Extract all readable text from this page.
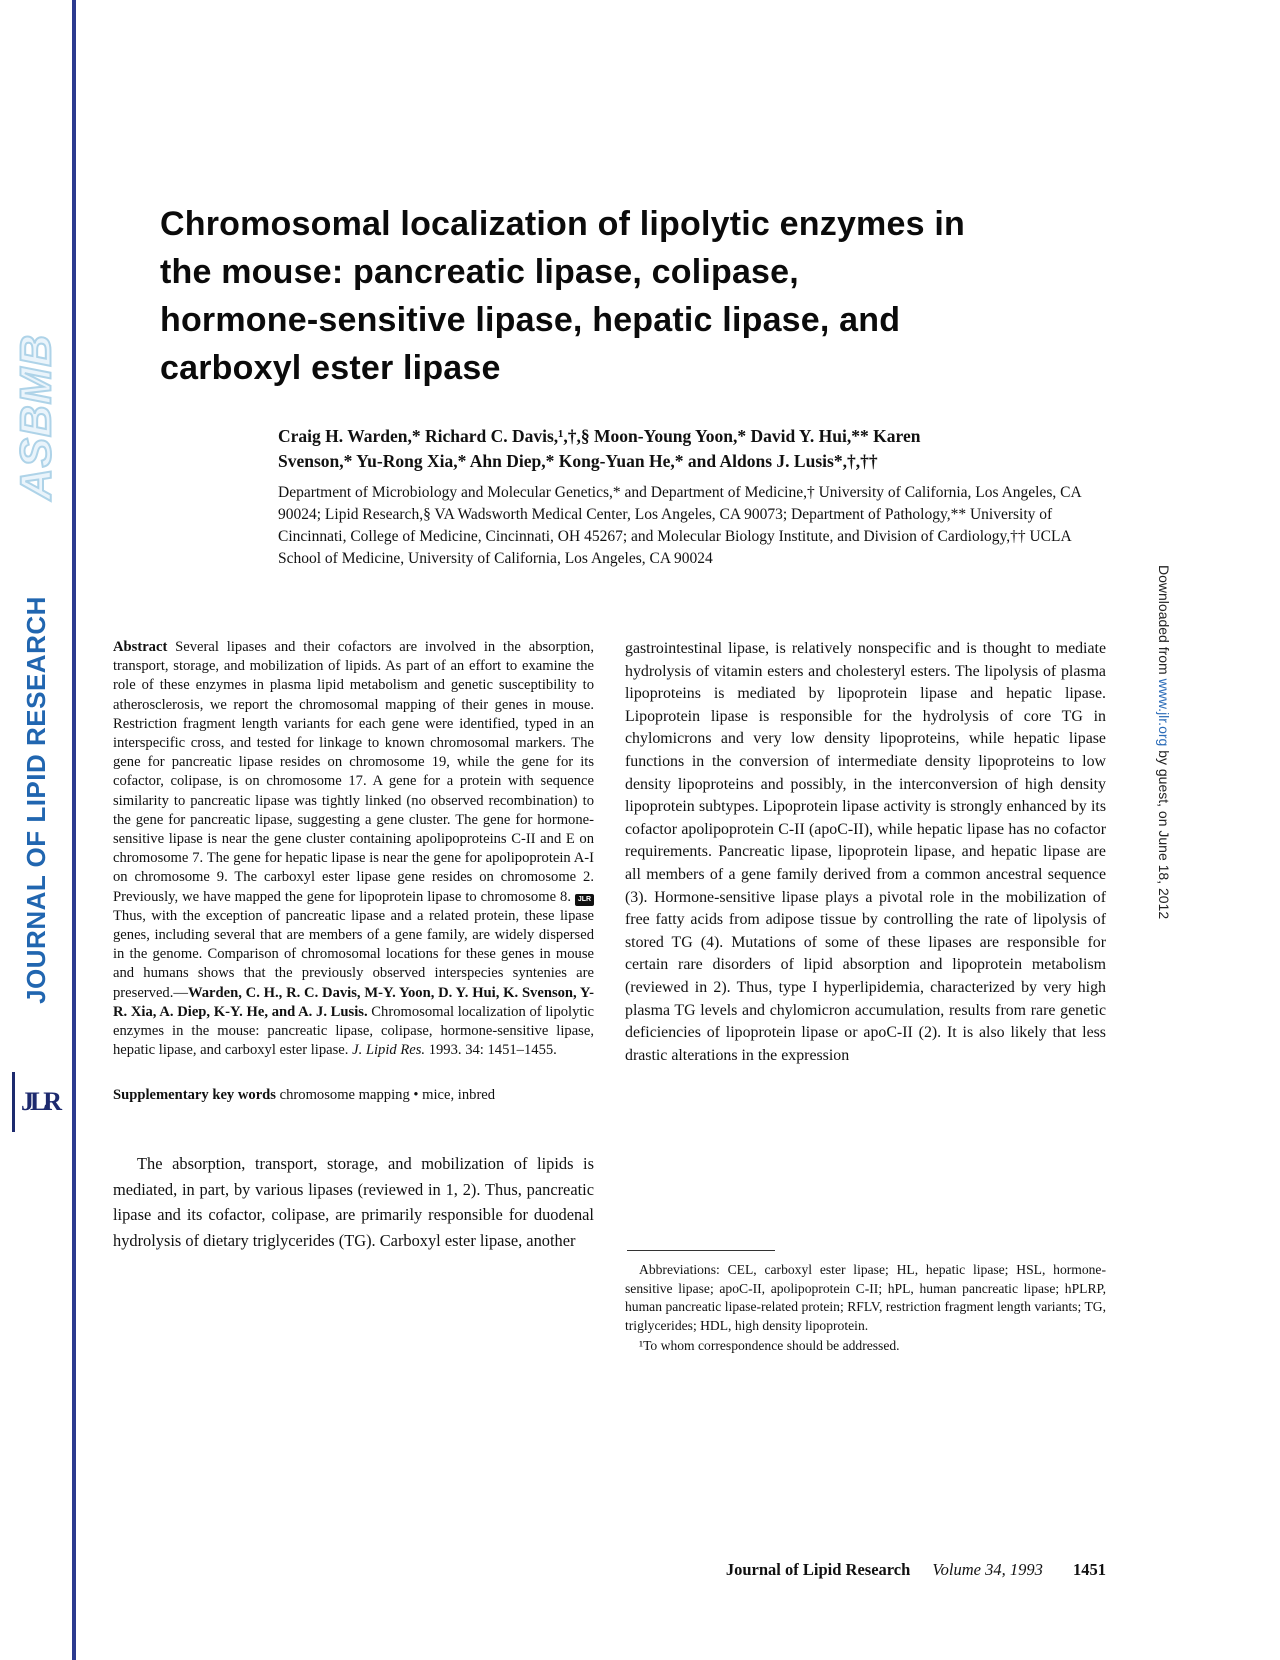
ASBMB
JOURNAL OF LIPID RESEARCH
JLR
Downloaded from www.jlr.org by guest, on June 18, 2012
Chromosomal localization of lipolytic enzymes in
the mouse: pancreatic lipase, colipase,
hormone-sensitive lipase, hepatic lipase, and
carboxyl ester lipase
Craig H. Warden,* Richard C. Davis,¹,†,§ Moon-Young Yoon,* David Y. Hui,** Karen
Svenson,* Yu-Rong Xia,* Ahn Diep,* Kong-Yuan He,* and Aldons J. Lusis*,†,††
Department of Microbiology and Molecular Genetics,* and Department of Medicine,† University of California, Los Angeles, CA 90024; Lipid Research,§ VA Wadsworth Medical Center, Los Angeles, CA 90073; Department of Pathology,** University of Cincinnati, College of Medicine, Cincinnati, OH 45267; and Molecular Biology Institute, and Division of Cardiology,†† UCLA School of Medicine, University of California, Los Angeles, CA 90024

Abstract Several lipases and their cofactors are involved in the absorption, transport, storage, and mobilization of lipids. As part of an effort to examine the role of these enzymes in plasma lipid metabolism and genetic susceptibility to atherosclerosis, we report the chromosomal mapping of their genes in mouse. Restriction fragment length variants for each gene were identified, typed in an interspecific cross, and tested for linkage to known chromosomal markers. The gene for pancreatic lipase resides on chromosome 19, while the gene for its cofactor, colipase, is on chromosome 17. A gene for a protein with sequence similarity to pancreatic lipase was tightly linked (no observed recombination) to the gene for pancreatic lipase, suggesting a gene cluster. The gene for hormone-sensitive lipase is near the gene cluster containing apolipoproteins C-II and E on chromosome 7. The gene for hepatic lipase is near the gene for apolipoprotein A-I on chromosome 9. The carboxyl ester lipase gene resides on chromosome 2. Previously, we have mapped the gene for lipoprotein lipase to chromosome 8. JLR Thus, with the exception of pancreatic lipase and a related protein, these lipase genes, including several that are members of a gene family, are widely dispersed in the genome. Comparison of chromosomal locations for these genes in mouse and humans shows that the previously observed interspecies syntenies are preserved.—Warden, C. H., R. C. Davis, M-Y. Yoon, D. Y. Hui, K. Svenson, Y-R. Xia, A. Diep, K-Y. He, and A. J. Lusis. Chromosomal localization of lipolytic enzymes in the mouse: pancreatic lipase, colipase, hormone-sensitive lipase, hepatic lipase, and carboxyl ester lipase. J. Lipid Res. 1993. 34: 1451–1455.

Supplementary key words chromosome mapping • mice, inbred

The absorption, transport, storage, and mobilization of lipids is mediated, in part, by various lipases (reviewed in 1, 2). Thus, pancreatic lipase and its cofactor, colipase, are primarily responsible for duodenal hydrolysis of dietary triglycerides (TG). Carboxyl ester lipase, another

gastrointestinal lipase, is relatively nonspecific and is thought to mediate hydrolysis of vitamin esters and cholesteryl esters. The lipolysis of plasma lipoproteins is mediated by lipoprotein lipase and hepatic lipase. Lipoprotein lipase is responsible for the hydrolysis of core TG in chylomicrons and very low density lipoproteins, while hepatic lipase functions in the conversion of intermediate density lipoproteins to low density lipoproteins and possibly, in the interconversion of high density lipoprotein subtypes. Lipoprotein lipase activity is strongly enhanced by its cofactor apolipoprotein C-II (apoC-II), while hepatic lipase has no cofactor requirements. Pancreatic lipase, lipoprotein lipase, and hepatic lipase are all members of a gene family derived from a common ancestral sequence (3). Hormone-sensitive lipase plays a pivotal role in the mobilization of free fatty acids from adipose tissue by controlling the rate of lipolysis of stored TG (4). Mutations of some of these lipases are responsible for certain rare disorders of lipid absorption and lipoprotein metabolism (reviewed in 2). Thus, type I hyperlipidemia, characterized by very high plasma TG levels and chylomicron accumulation, results from rare genetic deficiencies of lipoprotein lipase or apoC-II (2). It is also likely that less drastic alterations in the expression

Abbreviations: CEL, carboxyl ester lipase; HL, hepatic lipase; HSL, hormone-sensitive lipase; apoC-II, apolipoprotein C-II; hPL, human pancreatic lipase; hPLRP, human pancreatic lipase-related protein; RFLV, restriction fragment length variants; TG, triglycerides; HDL, high density lipoprotein.

¹To whom correspondence should be addressed.

Journal of Lipid Research Volume 34, 1993 1451
